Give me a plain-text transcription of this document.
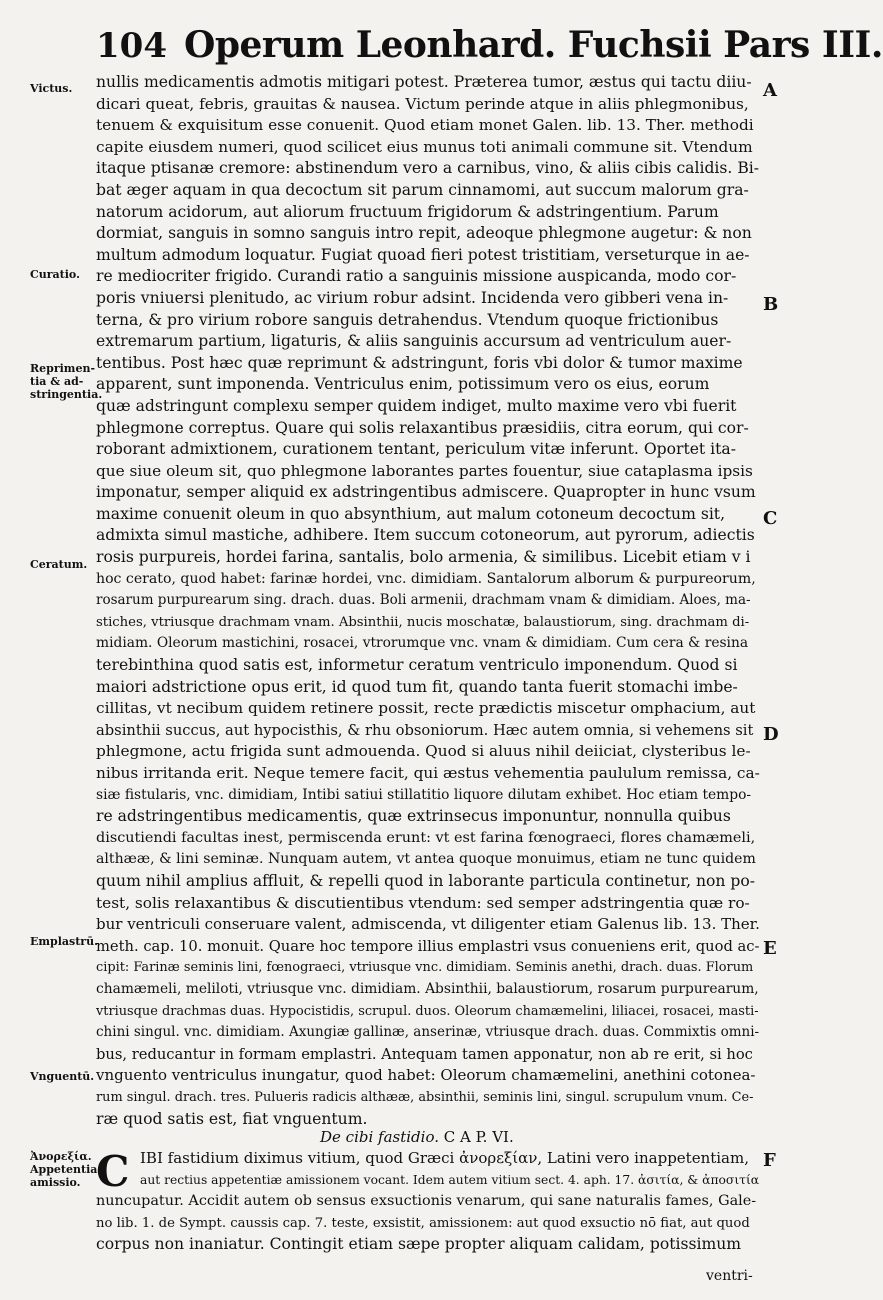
104 Operum Leonhard. Fuchsii Pars III.
Victus.
Curatio.
Reprimen-
tia & ad-
stringentia.
Ceratum.
Emplastrū.
Vnguentū.
Ἀνορεξία.
Appetentia
amissio.
A
B
C
D
E
F
nullis medicamentis admotis mitigari potest. Præterea tumor, æstus qui tactu diiu-
dicari queat, febris, grauitas & nausea. Victum perinde atque in aliis phlegmonibus,
tenuem & exquisitum esse conuenit. Quod etiam monet Galen. lib. 13. Ther. methodi
capite eiusdem numeri, quod scilicet eius munus toti animali commune sit. Vtendum
itaque ptisanæ cremore: abstinendum vero a carnibus, vino, & aliis cibis calidis. Bi-
bat æger aquam in qua decoctum sit parum cinnamomi, aut succum malorum gra-
natorum acidorum, aut aliorum fructuum frigidorum & adstringentium. Parum
dormiat, sanguis in somno sanguis intro repit, adeoque phlegmone augetur: & non
multum admodum loquatur. Fugiat quoad fieri potest tristitiam, verseturque in ae-
re mediocriter frigido. Curandi ratio a sanguinis missione auspicanda, modo cor-
poris vniuersi plenitudo, ac virium robur adsint. Incidenda vero gibberi vena in-
terna, & pro virium robore sanguis detrahendus. Vtendum quoque frictionibus
extremarum partium, ligaturis, & aliis sanguinis accursum ad ventriculum auer-
tentibus. Post hæc quæ reprimunt & adstringunt, foris vbi dolor & tumor maxime
apparent, sunt imponenda. Ventriculus enim, potissimum vero os eius, eorum
quæ adstringunt complexu semper quidem indiget, multo maxime vero vbi fuerit
phlegmone correptus. Quare qui solis relaxantibus præsidiis, citra eorum, qui cor-
roborant admixtionem, curationem tentant, periculum vitæ inferunt. Oportet ita-
que siue oleum sit, quo phlegmone laborantes partes fouentur, siue cataplasma ipsis
imponatur, semper aliquid ex adstringentibus admiscere. Quapropter in hunc vsum
maxime conuenit oleum in quo absynthium, aut malum cotoneum decoctum sit,
admixta simul mastiche, adhibere. Item succum cotoneorum, aut pyrorum, adiectis
rosis purpureis, hordei farina, santalis, bolo armenia, & similibus. Licebit etiam v i
hoc cerato, quod habet: farinæ hordei, vnc. dimidiam. Santalorum alborum & purpureorum,
rosarum purpurearum sing. drach. duas. Boli armenii, drachmam vnam & dimidiam. Aloes, ma-
stiches, vtriusque drachmam vnam. Absinthii, nucis moschatæ, balaustiorum, sing. drachmam di-
midiam. Oleorum mastichini, rosacei, vtrorumque vnc. vnam & dimidiam. Cum cera & resina
terebinthina quod satis est, informetur ceratum ventriculo imponendum. Quod si
maiori adstrictione opus erit, id quod tum fit, quando tanta fuerit stomachi imbe-
cillitas, vt necibum quidem retinere possit, recte prædictis miscetur omphacium, aut
absinthii succus, aut hypocisthis, & rhu obsoniorum. Hæc autem omnia, si vehemens sit
phlegmone, actu frigida sunt admouenda. Quod si aluus nihil deiiciat, clysteribus le-
nibus irritanda erit. Neque temere facit, qui æstus vehementia paululum remissa, ca-
siæ fistularis, vnc. dimidiam, Intibi satiui stillatitio liquore dilutam exhibet. Hoc etiam tempo-
re adstringentibus medicamentis, quæ extrinsecus imponuntur, nonnulla quibus
discutiendi facultas inest, permiscenda erunt: vt est farina fœnograeci, flores chamæmeli,
althææ, & lini seminæ. Nunquam autem, vt antea quoque monuimus, etiam ne tunc quidem
quum nihil amplius affluit, & repelli quod in laborante particula continetur, non po-
test, solis relaxantibus & discutientibus vtendum: sed semper adstringentia quæ ro-
bur ventriculi conseruare valent, admiscenda, vt diligenter etiam Galenus lib. 13. Ther.
meth. cap. 10. monuit. Quare hoc tempore illius emplastri vsus conueniens erit, quod ac-
cipit: Farinæ seminis lini, fœnograeci, vtriusque vnc. dimidiam. Seminis anethi, drach. duas. Florum
chamæmeli, meliloti, vtriusque vnc. dimidiam. Absinthii, balaustiorum, rosarum purpurearum,
vtriusque drachmas duas. Hypocistidis, scrupul. duos. Oleorum chamæmelini, liliacei, rosacei, masti-
chini singul. vnc. dimidiam. Axungiæ gallinæ, anserinæ, vtriusque drach. duas. Commixtis omni-
bus, reducantur in formam emplastri. Antequam tamen apponatur, non ab re erit, si hoc
vnguento ventriculus inungatur, quod habet: Oleorum chamæmelini, anethini cotonea-
rum singul. drach. tres. Pulueris radicis althææ, absinthii, seminis lini, singul. scrupulum vnum. Ce-
ræ quod satis est, fiat vnguentum.
De cibi fastidio. C A P. VI.
C IBI fastidium diximus vitium, quod Græci ἀνορεξίαν, Latini vero inappetentiam,
aut rectius appetentiæ amissionem vocant. Idem autem vitium sect. 4. aph. 17. ἀσιτία, & ἀποσιτία
nuncupatur. Accidit autem ob sensus exsuctionis venarum, qui sane naturalis fames, Gale-
no lib. 1. de Sympt. caussis cap. 7. teste, exsistit, amissionem: aut quod exsuctio nō fiat, aut quod
corpus non inaniatur. Contingit etiam sæpe propter aliquam calidam, potissimum
ventri-
